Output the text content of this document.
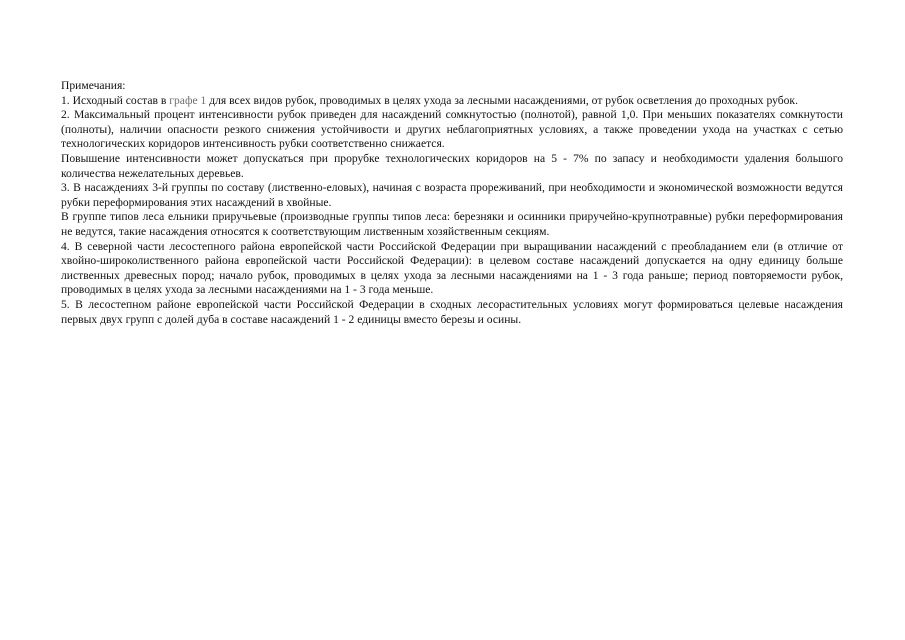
Примечания:

1. Исходный состав в графе 1 для всех видов рубок, проводимых в целях ухода за лесными насаждениями, от рубок осветления до проходных рубок.

2. Максимальный процент интенсивности рубок приведен для насаждений сомкнутостью (полнотой), равной 1,0. При меньших показателях сомкнутости (полноты), наличии опасности резкого снижения устойчивости и других неблагоприятных условиях, а также проведении ухода на участках с сетью технологических коридоров интенсивность рубки соответственно снижается.

Повышение интенсивности может допускаться при прорубке технологических коридоров на 5 - 7% по запасу и необходимости удаления большого количества нежелательных деревьев.

3. В насаждениях 3-й группы по составу (лиственно-еловых), начиная с возраста прореживаний, при необходимости и экономической возможности ведутся рубки переформирования этих насаждений в хвойные.

В группе типов леса ельники приручьевые (производные группы типов леса: березняки и осинники приручейно-крупнотравные) рубки переформирования не ведутся, такие насаждения относятся к соответствующим лиственным хозяйственным секциям.

4. В северной части лесостепного района европейской части Российской Федерации при выращивании насаждений с преобладанием ели (в отличие от хвойно-широколиственного района европейской части Российской Федерации): в целевом составе насаждений допускается на одну единицу больше лиственных древесных пород; начало рубок, проводимых в целях ухода за лесными насаждениями на 1 - 3 года раньше; период повторяемости рубок, проводимых в целях ухода за лесными насаждениями на 1 - 3 года меньше.

5. В лесостепном районе европейской части Российской Федерации в сходных лесорастительных условиях могут формироваться целевые насаждения первых двух групп с долей дуба в составе насаждений 1 - 2 единицы вместо березы и осины.
